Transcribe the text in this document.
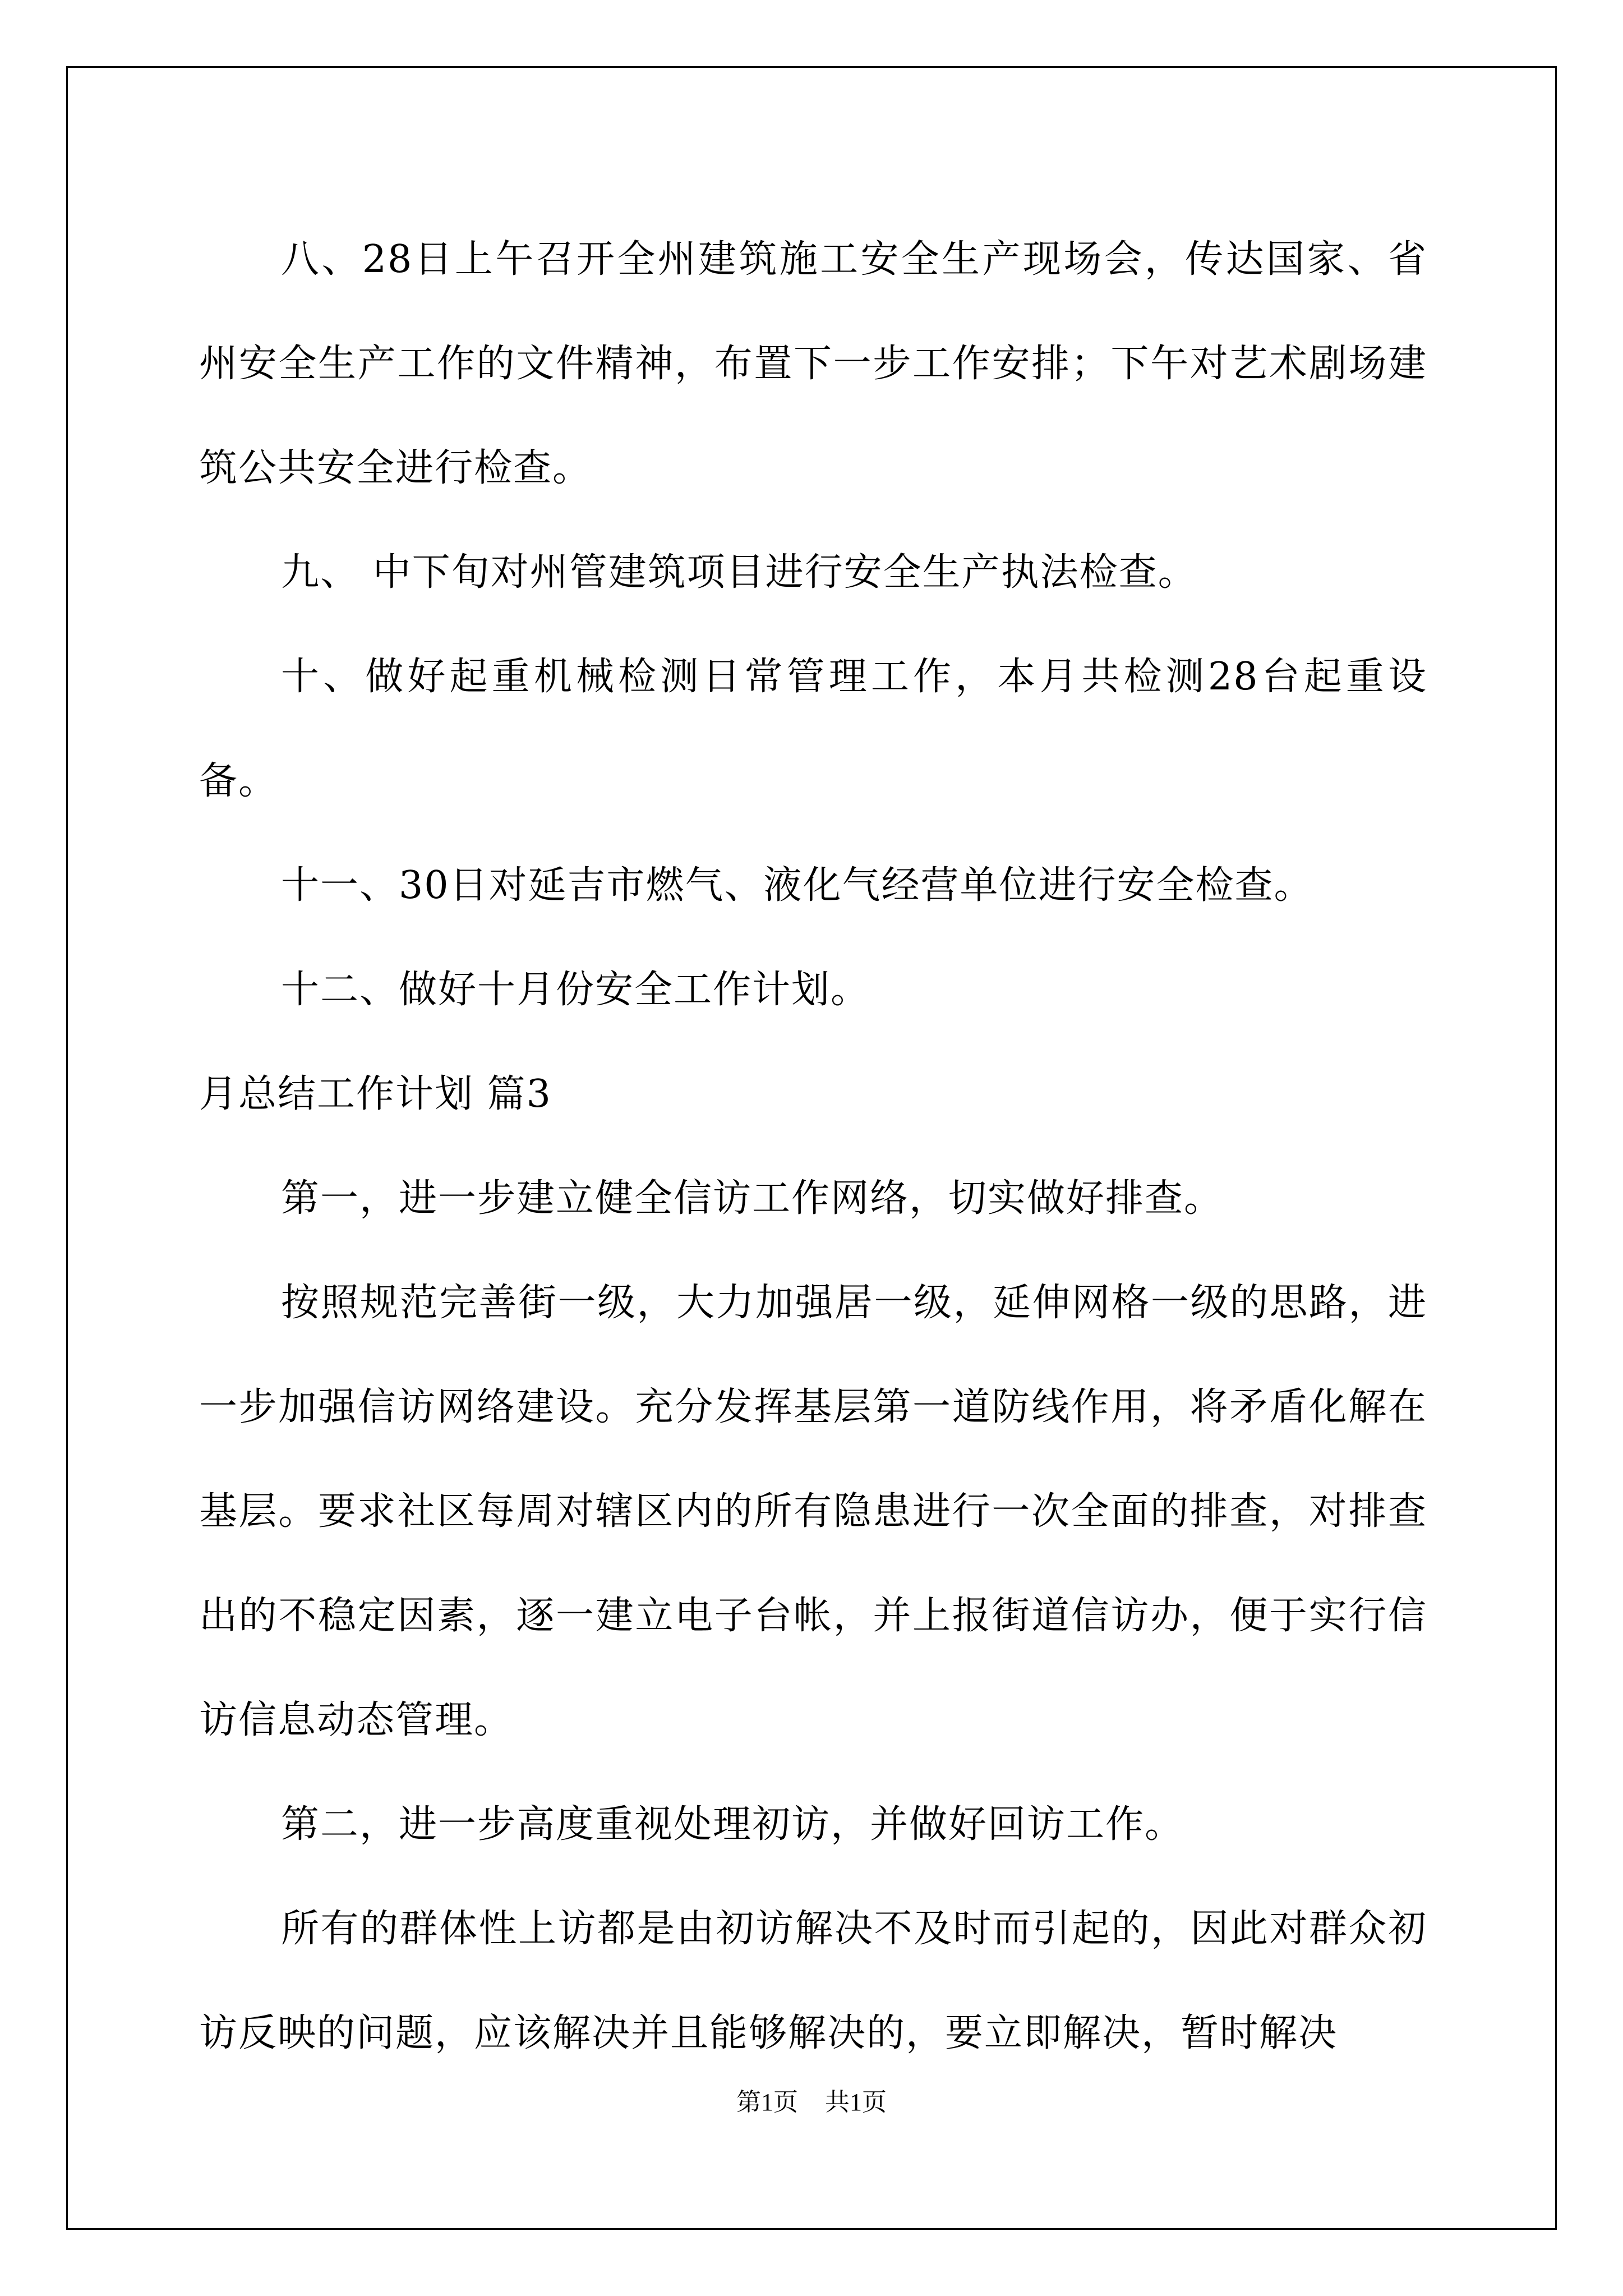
八、28日上午召开全州建筑施工安全生产现场会，传达国家、省州安全生产工作的文件精神，布置下一步工作安排；下午对艺术剧场建筑公共安全进行检查。

九、 中下旬对州管建筑项目进行安全生产执法检查。

十、做好起重机械检测日常管理工作，本月共检测28台起重设备。

十一、30日对延吉市燃气、液化气经营单位进行安全检查。

十二、做好十月份安全工作计划。

月总结工作计划 篇3

第一，进一步建立健全信访工作网络，切实做好排查。

按照规范完善街一级，大力加强居一级，延伸网格一级的思路，进一步加强信访网络建设。充分发挥基层第一道防线作用，将矛盾化解在基层。要求社区每周对辖区内的所有隐患进行一次全面的排查，对排查出的不稳定因素，逐一建立电子台帐，并上报街道信访办，便于实行信访信息动态管理。

第二，进一步高度重视处理初访，并做好回访工作。

所有的群体性上访都是由初访解决不及时而引起的，因此对群众初访反映的问题，应该解决并且能够解决的，要立即解决，暂时解决

第1页 共1页
